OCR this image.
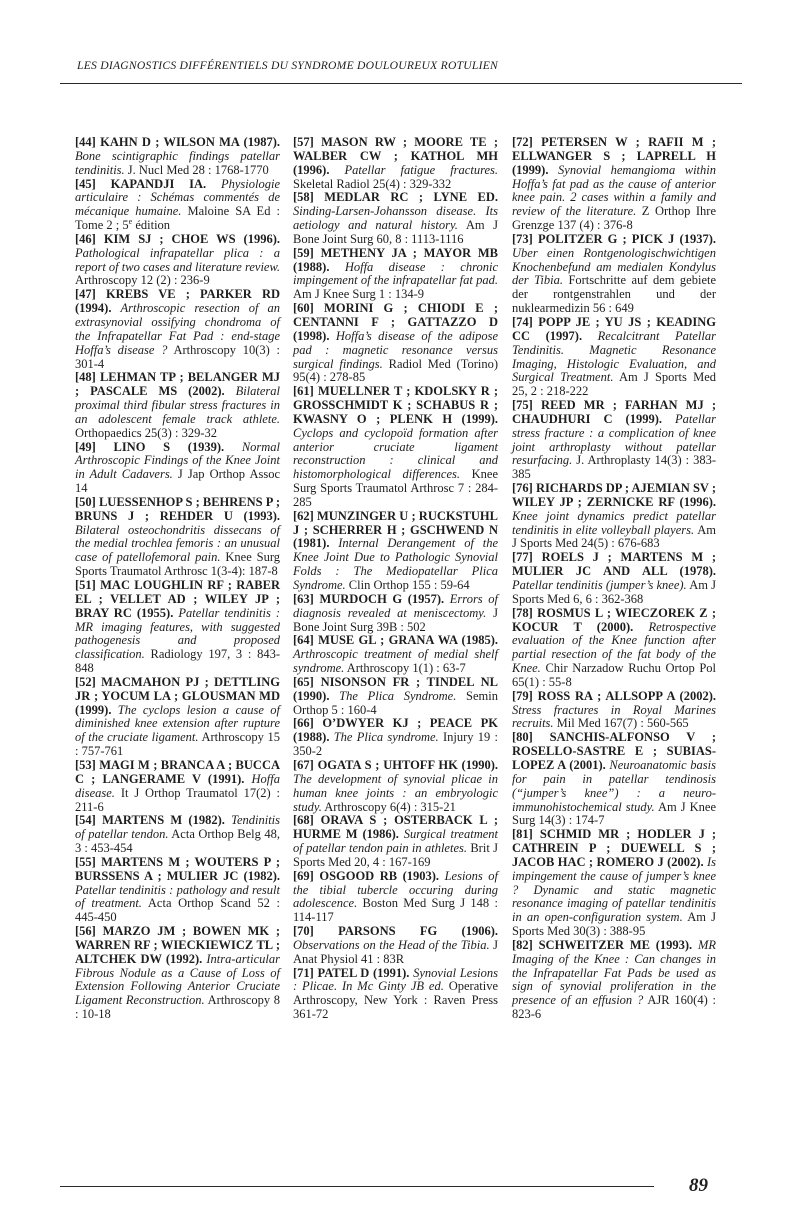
LES DIAGNOSTICS DIFFÉRENTIELS DU SYNDROME DOULOUREUX ROTULIEN

[44] KAHN D ; WILSON MA (1987). Bone scintigraphic findings patellar tendinitis. J. Nucl Med 28 : 1768-1770

[45] KAPANDJI IA. Physiologie articulaire : Schémas commentés de mécanique humaine. Maloine SA Ed : Tome 2 ; 5e édition

[46] KIM SJ ; CHOE WS (1996). Pathological infrapatellar plica : a report of two cases and literature review. Arthroscopy 12 (2) : 236-9

[47] KREBS VE ; PARKER RD (1994). Arthroscopic resection of an extrasynovial ossifying chondroma of the Infrapatellar Fat Pad : end-stage Hoffa’s disease ? Arthroscopy 10(3) : 301-4

[48] LEHMAN TP ; BELANGER MJ ; PASCALE MS (2002). Bilateral proximal third fibular stress fractures in an adolescent female track athlete. Orthopaedics 25(3) : 329-32

[49] LINO S (1939). Normal Arthroscopic Findings of the Knee Joint in Adult Cadavers. J Jap Orthop Assoc 14

[50] LUESSENHOP S ; BEHRENS P ; BRUNS J ; REHDER U (1993). Bilateral osteochondritis dissecans of the medial trochlea femoris : an unusual case of patellofemoral pain. Knee Surg Sports Traumatol Arthrosc 1(3-4): 187-8

[51] MAC LOUGHLIN RF ; RABER EL ; VELLET AD ; WILEY JP ; BRAY RC (1955). Patellar tendinitis : MR imaging features, with suggested pathogenesis and proposed classification. Radiology 197, 3 : 843-848

[52] MACMAHON PJ ; DETTLING JR ; YOCUM LA ; GLOUSMAN MD (1999). The cyclops lesion a cause of diminished knee extension after rupture of the cruciate ligament. Arthroscopy 15 : 757-761

[53] MAGI M ; BRANCA A ; BUCCA C ; LANGERAME V (1991). Hoffa disease. It J Orthop Traumatol 17(2) : 211-6

[54] MARTENS M (1982). Tendinitis of patellar tendon. Acta Orthop Belg 48, 3 : 453-454

[55] MARTENS M ; WOUTERS P ; BURSSENS A ; MULIER JC (1982). Patellar tendinitis : pathology and result of treatment. Acta Orthop Scand 52 : 445-450

[56] MARZO JM ; BOWEN MK ; WARREN RF ; WIECKIEWICZ TL ; ALTCHEK DW (1992). Intra-articular Fibrous Nodule as a Cause of Loss of Extension Following Anterior Cruciate Ligament Reconstruction. Arthroscopy 8 : 10-18

[57] MASON RW ; MOORE TE ; WALBER CW ; KATHOL MH (1996). Patellar fatigue fractures. Skeletal Radiol 25(4) : 329-332

[58] MEDLAR RC ; LYNE ED. Sinding-Larsen-Johansson disease. Its aetiology and natural history. Am J Bone Joint Surg 60, 8 : 1113-1116

[59] METHENY JA ; MAYOR MB (1988). Hoffa disease : chronic impingement of the infrapatellar fat pad. Am J Knee Surg 1 : 134-9

[60] MORINI G ; CHIODI E ; CENTANNI F ; GATTAZZO D (1998). Hoffa’s disease of the adipose pad : magnetic resonance versus surgical findings. Radiol Med (Torino) 95(4) : 278-85

[61] MUELLNER T ; KDOLSKY R ; GROSSCHMIDT K ; SCHABUS R ; KWASNY O ; PLENK H (1999). Cyclops and cyclopoïd formation after anterior cruciate ligament reconstruction : clinical and histomorphological differences. Knee Surg Sports Traumatol Arthrosc 7 : 284-285

[62] MUNZINGER U ; RUCKSTUHL J ; SCHERRER H ; GSCHWEND N (1981). Internal Derangement of the Knee Joint Due to Pathologic Synovial Folds : The Mediopatellar Plica Syndrome. Clin Orthop 155 : 59-64

[63] MURDOCH G (1957). Errors of diagnosis revealed at meniscectomy. J Bone Joint Surg 39B : 502

[64] MUSE GL ; GRANA WA (1985). Arthroscopic treatment of medial shelf syndrome. Arthroscopy 1(1) : 63-7

[65] NISONSON FR ; TINDEL NL (1990). The Plica Syndrome. Semin Orthop 5 : 160-4

[66] O’DWYER KJ ; PEACE PK (1988). The Plica syndrome. Injury 19 : 350-2

[67] OGATA S ; UHTOFF HK (1990). The development of synovial plicae in human knee joints : an embryologic study. Arthroscopy 6(4) : 315-21

[68] ORAVA S ; OSTERBACK L ; HURME M (1986). Surgical treatment of patellar tendon pain in athletes. Brit J Sports Med 20, 4 : 167-169

[69] OSGOOD RB (1903). Lesions of the tibial tubercle occuring during adolescence. Boston Med Surg J 148 : 114-117

[70] PARSONS FG (1906). Observations on the Head of the Tibia. J Anat Physiol 41 : 83R

[71] PATEL D (1991). Synovial Lesions : Plicae. In Mc Ginty JB ed. Operative Arthroscopy, New York : Raven Press 361-72

[72] PETERSEN W ; RAFII M ; ELLWANGER S ; LAPRELL H (1999). Synovial hemangioma within Hoffa’s fat pad as the cause of anterior knee pain. 2 cases within a family and review of the literature. Z Orthop Ihre Grenzge 137 (4) : 376-8

[73] POLITZER G ; PICK J (1937). Uber einen Rontgenologischwichtigen Knochenbefund am medialen Kondylus der Tibia. Fortschritte auf dem gebiete der rontgenstrahlen und der nuklearmedizin 56 : 649

[74] POPP JE ; YU JS ; KEADING CC (1997). Recalcitrant Patellar Tendinitis. Magnetic Resonance Imaging, Histologic Evaluation, and Surgical Treatment. Am J Sports Med 25, 2 : 218-222

[75] REED MR ; FARHAN MJ ; CHAUDHURI C (1999). Patellar stress fracture : a complication of knee joint arthroplasty without patellar resurfacing. J. Arthroplasty 14(3) : 383-385

[76] RICHARDS DP ; AJEMIAN SV ; WILEY JP ; ZERNICKE RF (1996). Knee joint dynamics predict patellar tendinitis in elite volleyball players. Am J Sports Med 24(5) : 676-683

[77] ROELS J ; MARTENS M ; MULIER JC AND ALL (1978). Patellar tendinitis (jumper’s knee). Am J Sports Med 6, 6 : 362-368

[78] ROSMUS L ; WIECZOREK Z ; KOCUR T (2000). Retrospective evaluation of the Knee function after partial resection of the fat body of the Knee. Chir Narzadow Ruchu Ortop Pol 65(1) : 55-8

[79] ROSS RA ; ALLSOPP A (2002). Stress fractures in Royal Marines recruits. Mil Med 167(7) : 560-565

[80] SANCHIS-ALFONSO V ; ROSELLO-SASTRE E ; SUBIAS-LOPEZ A (2001). Neuroanatomic basis for pain in patellar tendinosis (“jumper’s knee”) : a neuro-immunohistochemical study. Am J Knee Surg 14(3) : 174-7

[81] SCHMID MR ; HODLER J ; CATHREIN P ; DUEWELL S ; JACOB HAC ; ROMERO J (2002). Is impingement the cause of jumper’s knee ? Dynamic and static magnetic resonance imaging of patellar tendinitis in an open-configuration system. Am J Sports Med 30(3) : 388-95

[82] SCHWEITZER ME (1993). MR Imaging of the Knee : Can changes in the Infrapatellar Fat Pads be used as sign of synovial proliferation in the presence of an effusion ? AJR 160(4) : 823-6

89
